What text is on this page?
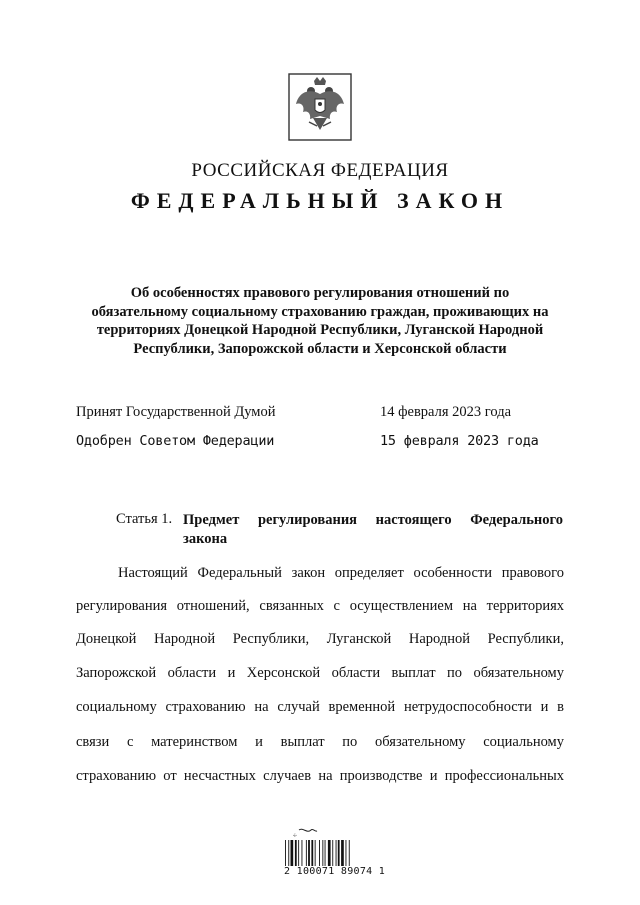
РОССИЙСКАЯ ФЕДЕРАЦИЯ
ФЕДЕРАЛЬНЫЙ ЗАКОН
Об особенностях правового регулирования отношений по
обязательному социальному страхованию граждан, проживающих на
территориях Донецкой Народной Республики, Луганской Народной
Республики, Запорожской области и Херсонской области
Принят Государственной Думой	14 февраля 2023 года
Одобрен Советом Федерации	15 февраля 2023 года
Статья 1. Предмет регулирования настоящего Федерального закона
Настоящий Федеральный закон определяет особенности правового
регулирования отношений, связанных с осуществлением на территориях
Донецкой Народной Республики, Луганской Народной Республики,
Запорожской области и Херсонской области выплат по обязательному
социальному страхованию на случай временной нетрудоспособности и в
связи с материнством и выплат по обязательному социальному
страхованию от несчастных случаев на производстве и профессиональных
☩
2 100071 89074 1
